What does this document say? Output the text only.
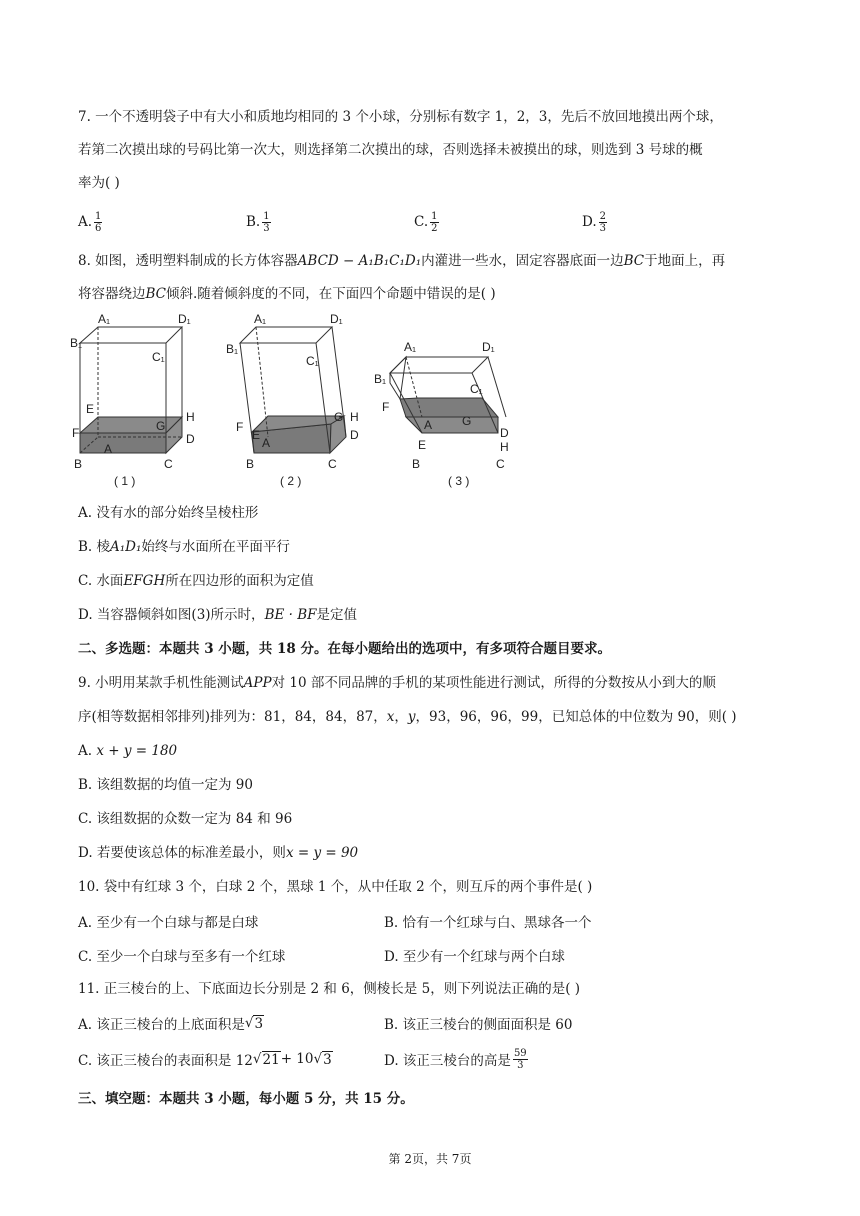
7. 一个不透明袋子中有大小和质地均相同的 3 个小球，分别标有数字 1，2，3，先后不放回地摸出两个球，

若第二次摸出球的号码比第一次大，则选择第二次摸出的球，否则选择未被摸出的球，则选到 3 号球的概

率为( )

A. $\frac{1}{6}$	B. $\frac{1}{3}$	C. $\frac{1}{2}$	D. $\frac{2}{3}$

8. 如图，透明塑料制成的长方体容器ABCD − A₁B₁C₁D₁内灌进一些水，固定容器底面一边BC于地面上，再

将容器绕边BC倾斜.随着倾斜度的不同，在下面四个命题中错误的是( )

A₁	D₁
B₁
C₁
E
H
F	G
D
A
B	C
( 1 )
A₁	D₁
B₁
C₁
G H
F
E
A
D
B	C
( 2 )
A₁	D₁
B₁
C₁
F
A G
D
H
E
B	C
( 3 )

A. 没有水的部分始终呈棱柱形

B. 棱A₁D₁始终与水面所在平面平行

C. 水面EFGH所在四边形的面积为定值

D. 当容器倾斜如图(3)所示时，BE · BF是定值

二、多选题：本题共 3 小题，共 18 分。在每小题给出的选项中，有多项符合题目要求。

9. 小明用某款手机性能测试APP对 10 部不同品牌的手机的某项性能进行测试，所得的分数按从小到大的顺

序(相等数据相邻排列)排列为：81，84，84，87，x，y，93，96，96，99，已知总体的中位数为 90，则( )

A. x + y = 180

B. 该组数据的均值一定为 90

C. 该组数据的众数一定为 84 和 96

D. 若要使该总体的标准差最小，则x = y = 90

10. 袋中有红球 3 个，白球 2 个，黑球 1 个，从中任取 2 个，则互斥的两个事件是( )

A. 至少有一个白球与都是白球	B. 恰有一个红球与白、黑球各一个
C. 至少一个白球与至多有一个红球	D. 至少有一个红球与两个白球

11. 正三棱台的上、下底面边长分别是 2 和 6，侧棱长是 5，则下列说法正确的是( )

A. 该正三棱台的上底面积是 √ 3	B. 该正三棱台的侧面面积是 60
C. 该正三棱台的表面积是 12 √ 21 + 10 √ 3	D. 该正三棱台的高是 $\frac{59}{3}$

三、填空题：本题共 3 小题，每小题 5 分，共 15 分。

第 2页，共 7页
